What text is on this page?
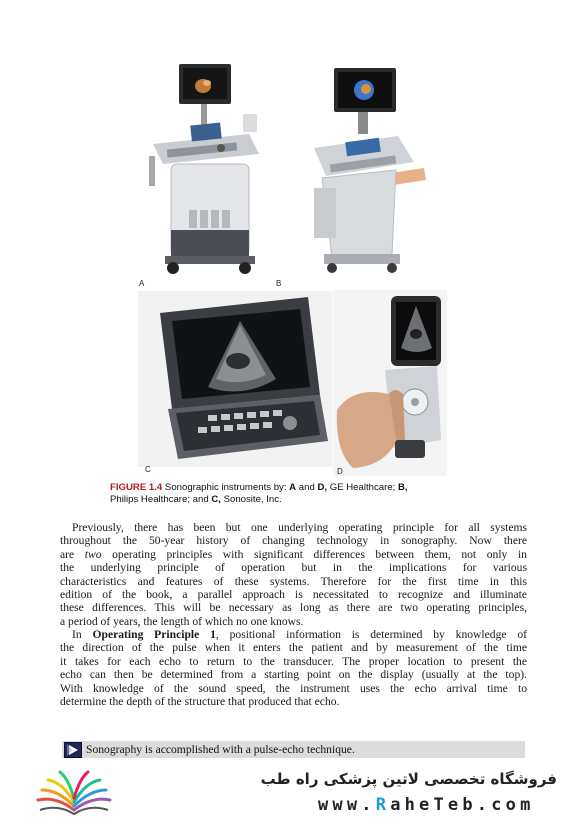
A	B
C	D
FIGURE 1.4 Sonographic instruments by: A and D, GE Healthcare; B,
Philips Healthcare; and C, Sonosite, Inc.

Previously, there has been but one underlying operating principle for all systems

throughout the 50-year history of changing technology in sonography. Now there
are two operating principles with significant differences between them, not only in
the underlying principle of operation but in the implications for various
characteristics and features of these systems. Therefore for the first time in this
edition of the book, a parallel approach is necessitated to recognize and illuminate
these differences. This will be necessary as long as there are two operating principles,
a period of years, the length of which no one knows.

In Operating Principle 1, positional information is determined by knowledge of

the direction of the pulse when it enters the patient and by measurement of the time
it takes for each echo to return to the transducer. The proper location to present the
echo can then be determined from a starting point on the display (usually at the top).
With knowledge of the sound speed, the instrument uses the echo arrival time to
determine the depth of the structure that produced that echo.
Sonography is accomplished with a pulse-echo technique.
فروشگاه تخصصی لاتین پزشکی راه طب
www.RaheTeb.com
